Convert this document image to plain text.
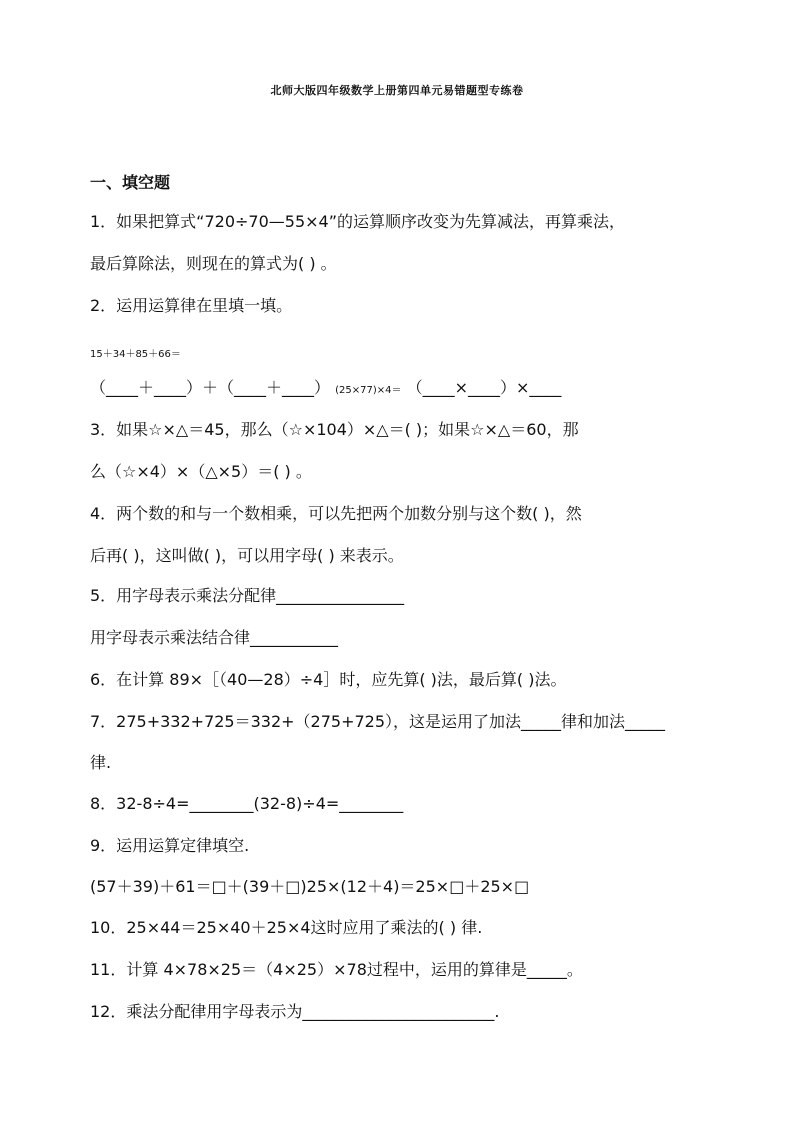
北师大版四年级数学上册第四单元易错题型专练卷
一、填空题
1．如果把算式“720÷70—55×4”的运算顺序改变为先算减法，再算乘法，
最后算除法，则现在的算式为( ) 。
2．运用运算律在里填一填。
15＋34＋85＋66＝
（____＋____）＋（____＋____） (25×77)×4＝ （____×____）×____
3．如果☆×△＝45，那么（☆×104）×△＝( )；如果☆×△＝60，那
么（☆×4）×（△×5）＝( ) 。
4．两个数的和与一个数相乘，可以先把两个加数分别与这个数( )，然
后再( )，这叫做( )，可以用字母( ) 来表示。
5．用字母表示乘法分配律________________
用字母表示乘法结合律___________
6．在计算 89×［（40—28）÷4］时，应先算( )法，最后算( )法。
7．275+332+725＝332+（275+725），这是运用了加法_____律和加法_____
律.
8．32-8÷4=________(32-8)÷4=________
9．运用运算定律填空.
(57＋39)＋61＝□＋(39＋□)25×(12＋4)＝25×□＋25×□
10．25×44＝25×40＋25×4这时应用了乘法的( ) 律.
11．计算 4×78×25＝（4×25）×78过程中，运用的算律是_____。
12．乘法分配律用字母表示为________________________.
